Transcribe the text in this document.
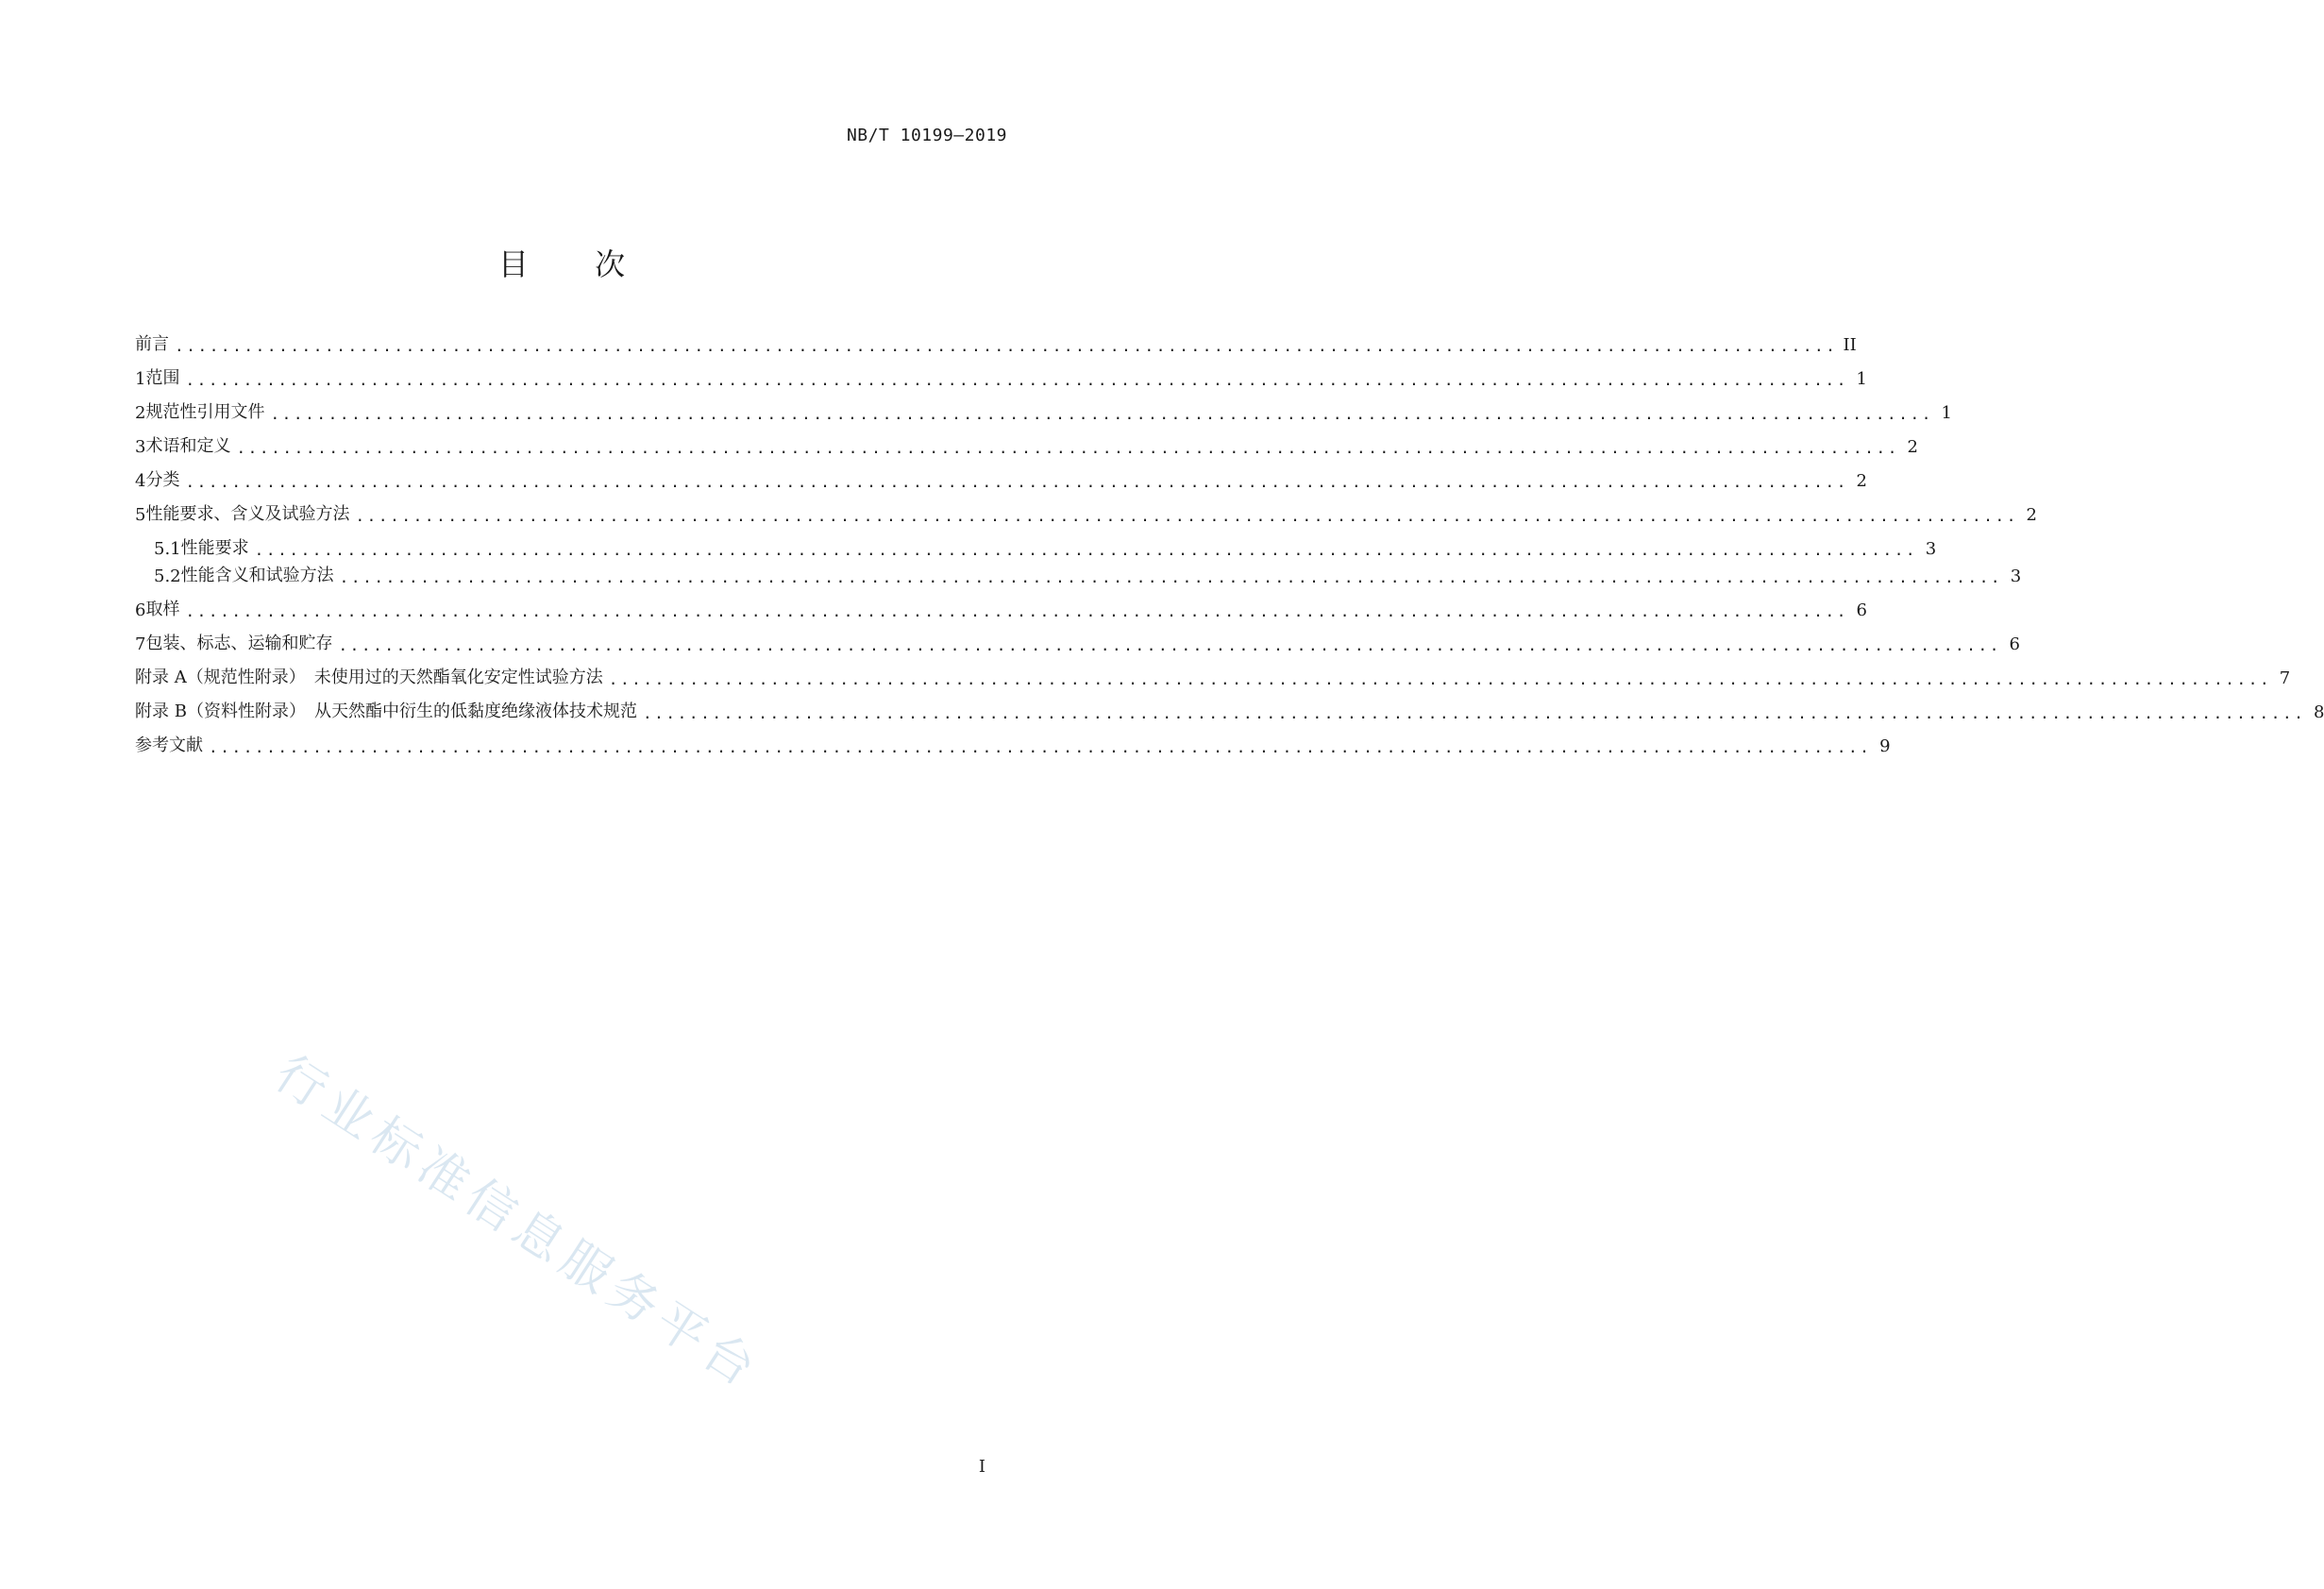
NB/T 10199—2019
目 次
前言 ................................................................................................................................................ II
1 范围 ................................................................................................................................................ 1
2 规范性引用文件 ................................................................................................................................................ 1
3 术语和定义 ................................................................................................................................................ 2
4 分类 ................................................................................................................................................ 2
5 性能要求、含义及试验方法 ................................................................................................................................................ 2
5.1 性能要求 ................................................................................................................................................ 3
5.2 性能含义和试验方法 ................................................................................................................................................ 3
6 取样 ................................................................................................................................................ 6
7 包装、标志、运输和贮存 ................................................................................................................................................ 6
附录 A（规范性附录）　未使用过的天然酯氧化安定性试验方法 ................................................................................................................................................ 7
附录 B（资料性附录）　从天然酯中衍生的低黏度绝缘液体技术规范 ................................................................................................................................................ 8
参考文献 ................................................................................................................................................ 9
行业标准信息服务平台
I
